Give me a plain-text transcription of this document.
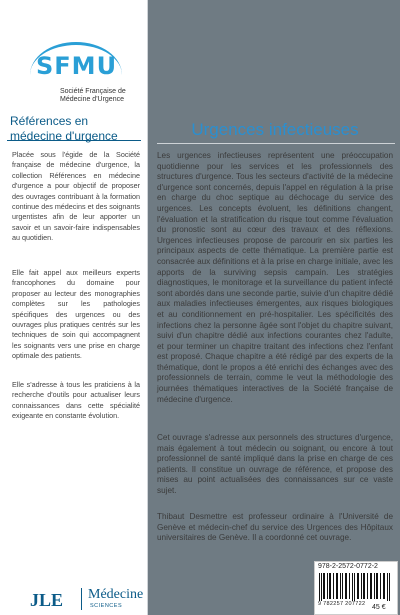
SFMU
Société Française de
Médecine d'Urgence
Références en médecine d'urgence
Placée sous l'égide de la Société française de médecine d'urgence, la collection Références en médecine d'urgence a pour objectif de proposer des ouvrages contribuant à la formation continue des médecins et des soignants urgentistes afin de leur apporter un savoir et un savoir-faire indispensables au quotidien.
Elle fait appel aux meilleurs experts francophones du domaine pour proposer au lecteur des monographies complètes sur les pathologies spécifiques des urgences ou des ouvrages plus pratiques centrés sur les techniques de soin qui accompagnent les soignants vers une prise en charge optimale des patients.
Elle s'adresse à tous les praticiens à la recherche d'outils pour actualiser leurs connaissances dans cette spécialité exigeante en constante évolution.
JLE Médecine
SCIENCES
Urgences infectieuses
Les urgences infectieuses représentent une préoccupation quotidienne pour les services et les professionnels des structures d'urgence. Tous les secteurs d'activité de la médecine d'urgence sont concernés, depuis l'appel en régulation à la prise en charge du choc septique au déchocage du service des urgences. Les concepts évoluent, les définitions changent, l'évaluation et la stratification du risque tout comme l'évaluation du pronostic sont au cœur des travaux et des réflexions. Urgences infectieuses propose de parcourir en six parties les principaux aspects de cette thématique. La première partie est consacrée aux définitions et à la prise en charge initiale, avec les apports de la surviving sepsis campain. Les stratégies diagnostiques, le monitorage et la surveillance du patient infecté sont abordés dans une seconde partie, suivie d'un chapitre dédié aux maladies infectieuses émergentes, aux risques biologiques et au conditionnement en pré-hospitalier. Les spécificités des infections chez la personne âgée sont l'objet du chapitre suivant, suivi d'un chapitre dédié aux infections courantes chez l'adulte, et pour terminer un chapitre traitant des infections chez l'enfant est proposé. Chaque chapitre a été rédigé par des experts de la thématique, dont le propos a été enrichi des échanges avec des professionnels de terrain, comme le veut la méthodologie des journées thématiques interactives de la Société française de médecine d'urgence.
Cet ouvrage s'adresse aux personnels des structures d'urgence, mais également à tout médecin ou soignant, ou encore à tout professionnel de santé impliqué dans la prise en charge de ces patients. Il constitue un ouvrage de référence, et propose des mises au point actualisées des connaissances sur ce vaste sujet.
Thibaut Desmettre est professeur ordinaire à l'Université de Genève et médecin-chef du service des Urgences des Hôpitaux universitaires de Genève. Il a coordonné cet ouvrage.
978-2-2572-0772-2
9 782257 207722 45 €
